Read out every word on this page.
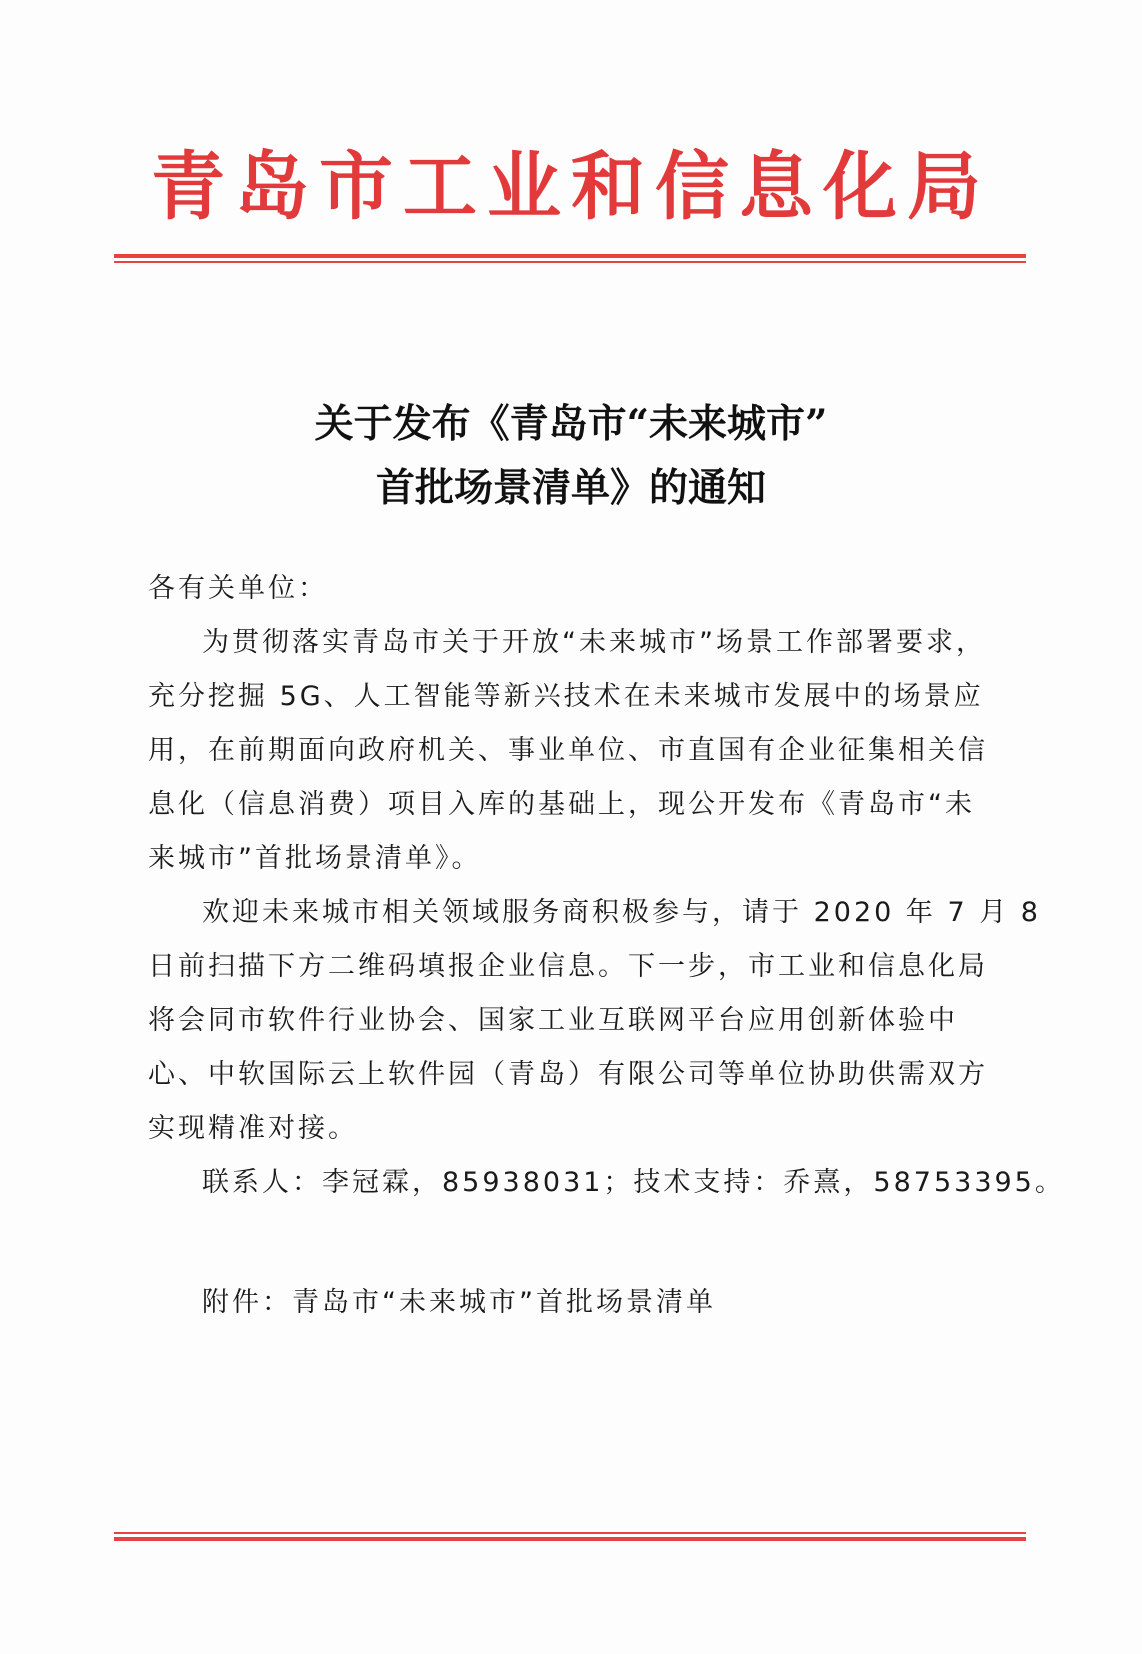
青岛市工业和信息化局
关于发布《青岛市“未来城市”
首批场景清单》的通知
各有关单位：
为贯彻落实青岛市关于开放“未来城市”场景工作部署要求，
充分挖掘 5G、人工智能等新兴技术在未来城市发展中的场景应
用，在前期面向政府机关、事业单位、市直国有企业征集相关信
息化（信息消费）项目入库的基础上，现公开发布《青岛市“未
来城市”首批场景清单》。
欢迎未来城市相关领域服务商积极参与，请于 2020 年 7 月 8
日前扫描下方二维码填报企业信息。下一步，市工业和信息化局
将会同市软件行业协会、国家工业互联网平台应用创新体验中
心、中软国际云上软件园（青岛）有限公司等单位协助供需双方
实现精准对接。
联系人：李冠霖，85938031；技术支持：乔熹，58753395。
附件：青岛市“未来城市”首批场景清单
